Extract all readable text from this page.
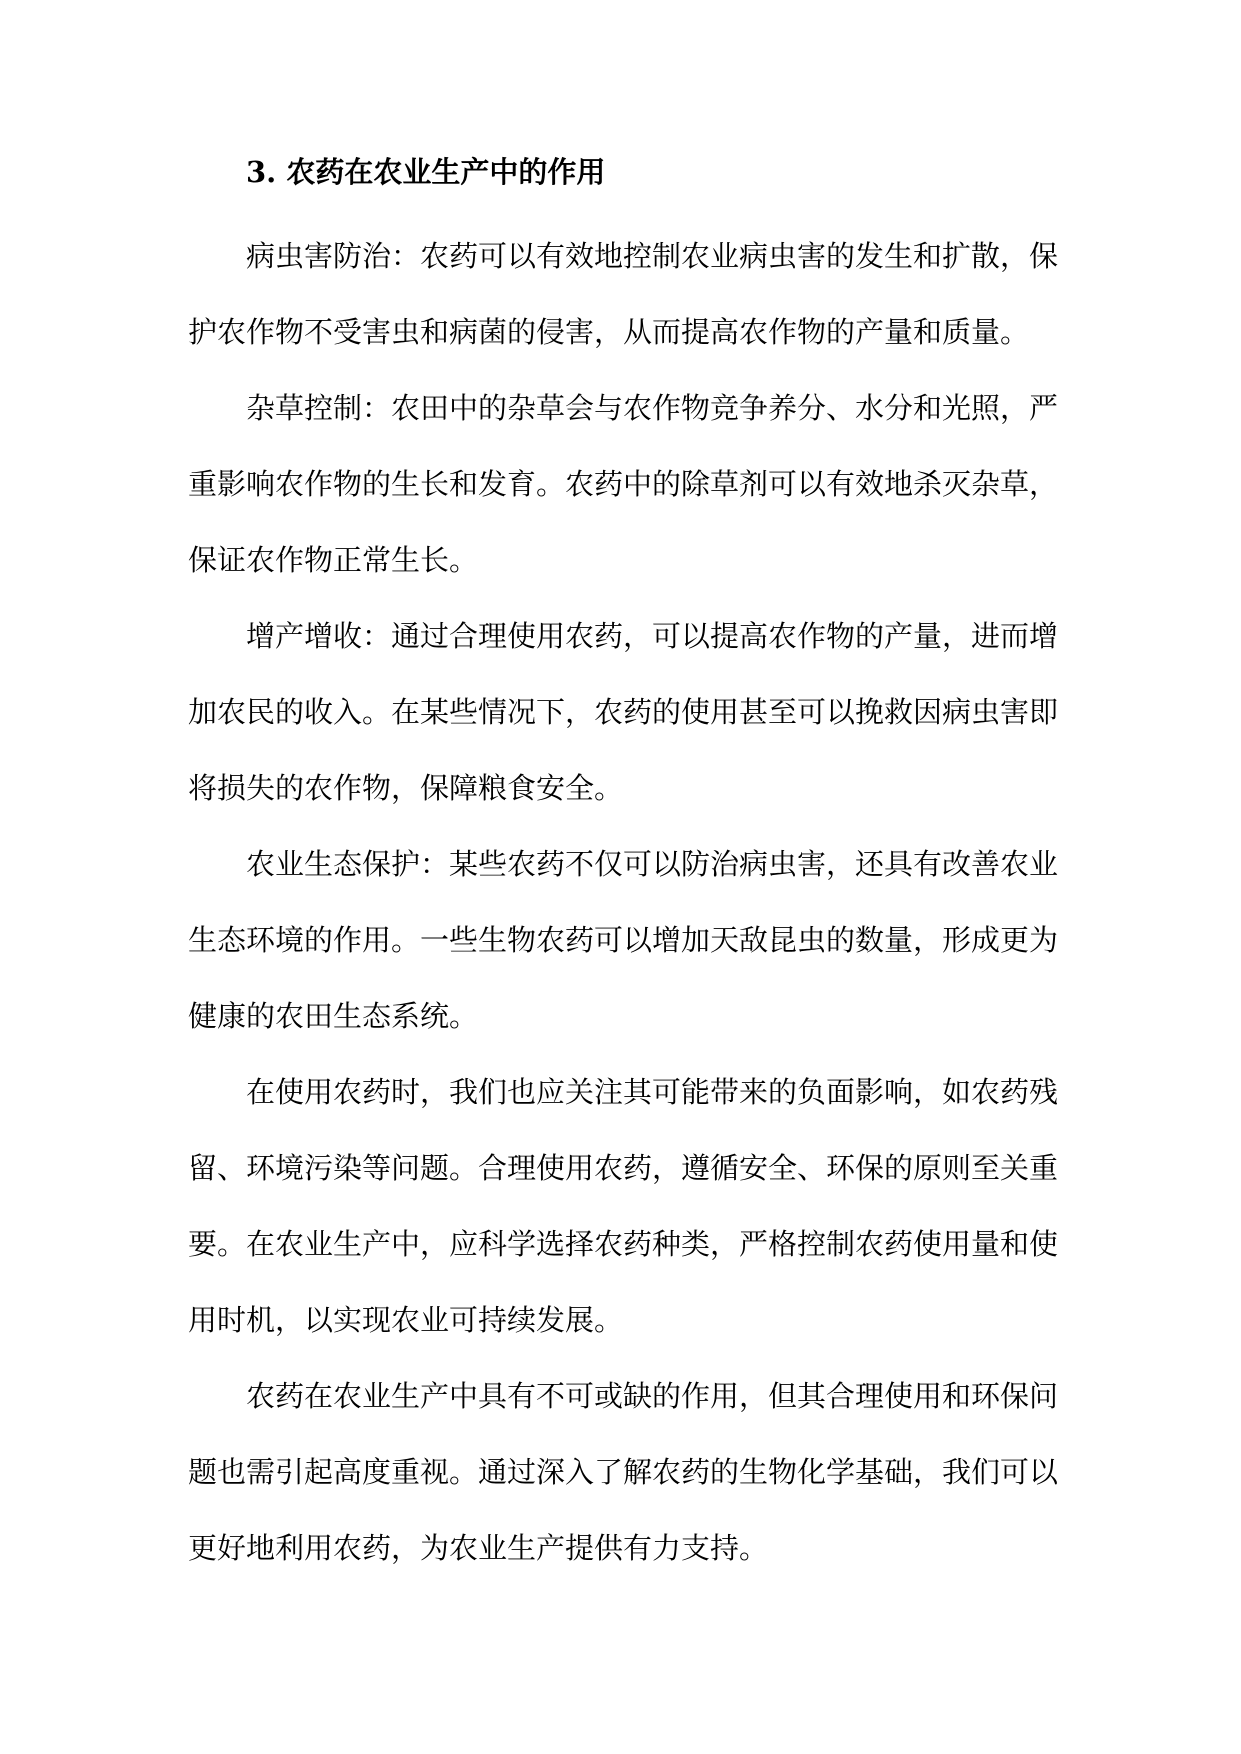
3. 农药在农业生产中的作用

病虫害防治：农药可以有效地控制农业病虫害的发生和扩散，保护农作物不受害虫和病菌的侵害，从而提高农作物的产量和质量。

杂草控制：农田中的杂草会与农作物竞争养分、水分和光照，严重影响农作物的生长和发育。农药中的除草剂可以有效地杀灭杂草，保证农作物正常生长。

增产增收：通过合理使用农药，可以提高农作物的产量，进而增加农民的收入。在某些情况下，农药的使用甚至可以挽救因病虫害即将损失的农作物，保障粮食安全。

农业生态保护：某些农药不仅可以防治病虫害，还具有改善农业生态环境的作用。一些生物农药可以增加天敌昆虫的数量，形成更为健康的农田生态系统。

在使用农药时，我们也应关注其可能带来的负面影响，如农药残留、环境污染等问题。合理使用农药，遵循安全、环保的原则至关重要。在农业生产中，应科学选择农药种类，严格控制农药使用量和使用时机，以实现农业可持续发展。

农药在农业生产中具有不可或缺的作用，但其合理使用和环保问题也需引起高度重视。通过深入了解农药的生物化学基础，我们可以更好地利用农药，为农业生产提供有力支持。
